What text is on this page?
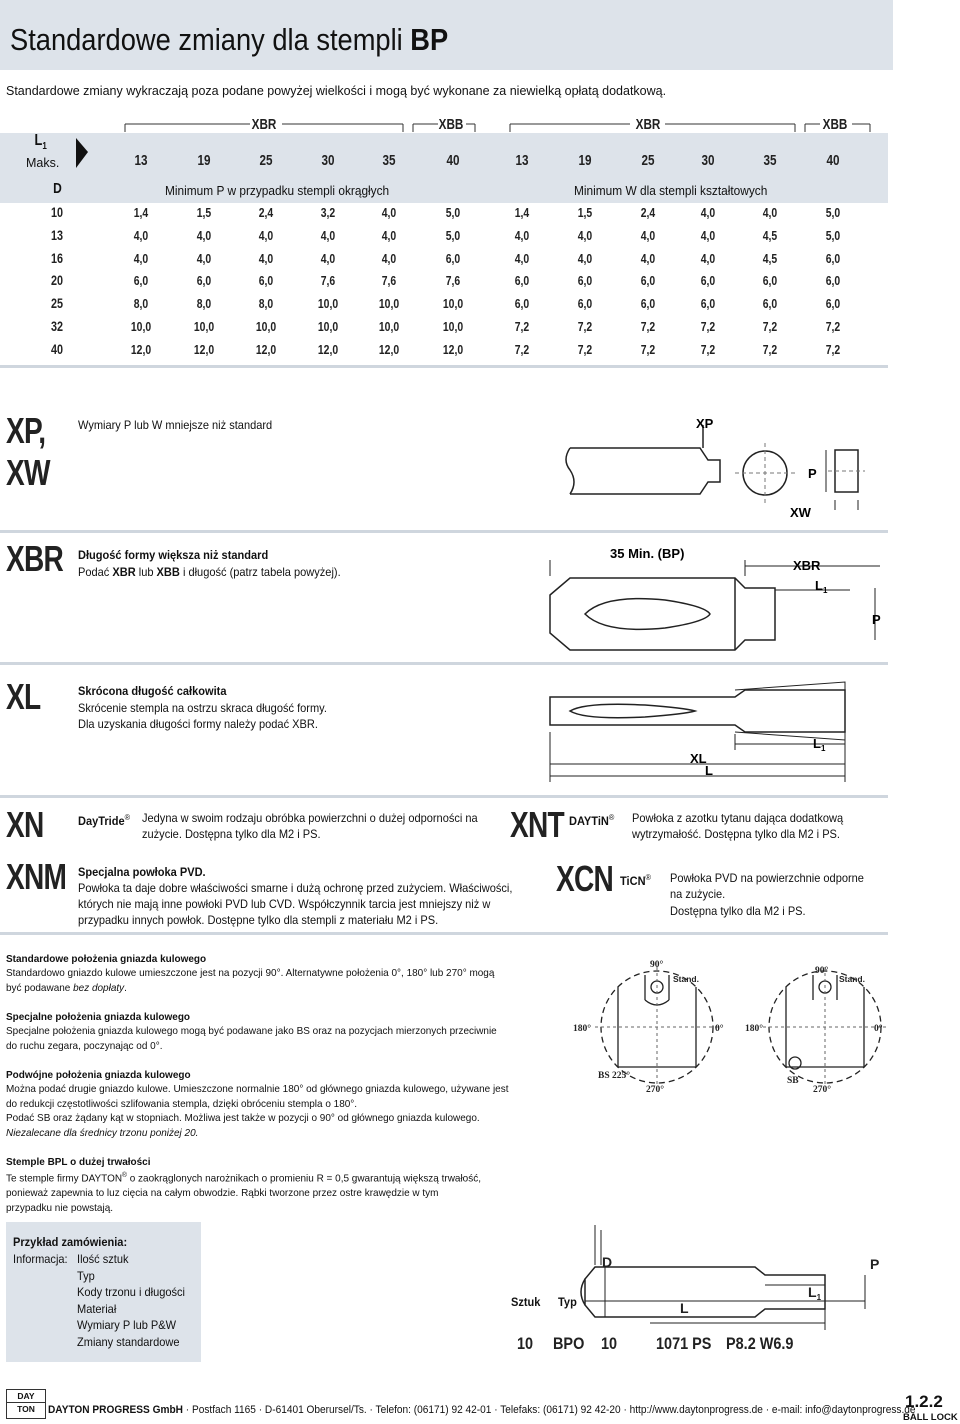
Standardowe zmiany dla stempli BP
Standardowe zmiany wykraczają poza podane powyżej wielkości i mogą być wykonane za niewielką opłatą dodatkową.
XBR	XBB	XBR	XBB
$L_1$
Maks.
D
13	19	25	30	35	40	13	19	25	30	35	40
Minimum P w przypadku stempli okrągłych	Minimum W dla stempli kształtowych
10	1,4	1,5	2,4	3,2	4,0	5,0	1,4	1,5	2,4	4,0	4,0	5,0
13	4,0	4,0	4,0	4,0	4,0	5,0	4,0	4,0	4,0	4,0	4,5	5,0
16	4,0	4,0	4,0	4,0	4,0	6,0	4,0	4,0	4,0	4,0	4,5	6,0
20	6,0	6,0	6,0	7,6	7,6	7,6	6,0	6,0	6,0	6,0	6,0	6,0
25	8,0	8,0	8,0	10,0	10,0	10,0	6,0	6,0	6,0	6,0	6,0	6,0
32	10,0	10,0	10,0	10,0	10,0	10,0	7,2	7,2	7,2	7,2	7,2	7,2
40	12,0	12,0	12,0	12,0	12,0	12,0	7,2	7,2	7,2	7,2	7,2	7,2
XP,
XW
Wymiary P lub W mniejsze niż standard	XP
P
XW
XBR Długość formy większa niż standard
Podać XBR lub XBB i długość (patrz tabela powyżej).
35 Min. (BP)
XBR
$L_1$
P
XL	Skrócona długość całkowita
Skrócenie stempla na ostrzu skraca długość formy.
Dla uzyskania długości formy należy podać XBR.
$L_1$
XL
L
XN	DayTride® Jedyna w swoim rodzaju obróbka powierzchni o dużej odporności na zużycie. Dostępna tylko dla M2 i PS.	XNT DAYTiN® Powłoka z azotku tytanu dająca dodatkową wytrzymałość. Dostępna tylko dla M2 i PS.
XNM Specjalna powłoka PVD.
Powłoka ta daje dobre właściwości smarne i dużą ochronę przed zużyciem. Właściwości, których nie mają inne powłoki PVD lub CVD. Współczynnik tarcia jest mniejszy niż w przypadku innych powłok. Dostępne tylko dla stempli z materiału M2 i PS.
XCN TiCN® Powłoka PVD na powierzchnie odporne na zużycie.
Dostępna tylko dla M2 i PS.
Standardowe położenia gniazda kulowego
Standardowo gniazdo kulowe umieszczone jest na pozycji 90°. Alternatywne położenia 0°, 180° lub 270° mogą być podawane bez dopłaty.
Specjalne położenia gniazda kulowego
Specjalne położenia gniazda kulowego mogą być podawane jako BS oraz na pozycjach mierzonych przeciwnie do ruchu zegara, poczynając od 0°.
Podwójne położenia gniazda kulowego
Można podać drugie gniazdo kulowe. Umieszczone normalnie 180° od głównego gniazda kulowego, używane jest do redukcji częstotliwości szlifowania stempla, dzięki obróceniu stempla o 180°.
Podać SB oraz żądany kąt w stopniach. Możliwa jest także w pozycji o 90° od głównego gniazda kulowego.
Niezalecane dla średnicy trzonu poniżej 20.
Stemple BPL o dużej trwałości
Te stemple firmy DAYTON® o zaokrąglonych narożnikach o promieniu R = 0,5 gwarantują większą trwałość, ponieważ zapewnia to luz cięcia na całym obwodzie. Rąbki tworzone przez ostre krawędzie w tym przypadku nie powstają.
90°
Stand.
180°	0°
BS 225°
270°
90°
Stand.
180°	0°
SB
270°
Przykład zamówienia:
Informacja: Ilość sztuk
Typ
Kody trzonu i długości
Materiał
Wymiary P lub P&W
Zmiany standardowe
Sztuk Typ
D	P
$L_1$
L
10 BPO 10 1071 PS P8.2 W6.9
DAY
TON	DAYTON PROGRESS GmbH · Postfach 1165 · D-61401 Oberursel/Ts. · Telefon: (06171) 92 42-01 · Telefaks: (06171) 92 42-20 · http://www.daytonprogress.de · e-mail: info@daytonprogress.de
1.2.2
BALL LOCK
